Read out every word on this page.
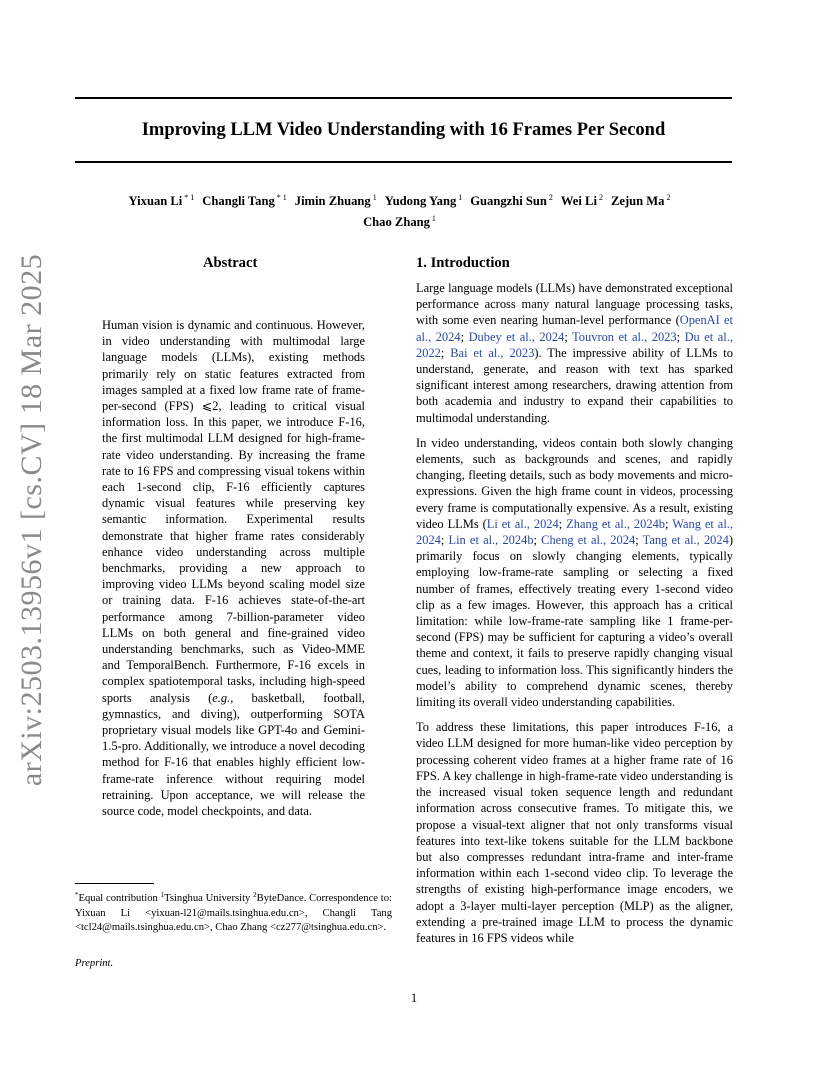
arXiv:2503.13956v1 [cs.CV] 18 Mar 2025
Improving LLM Video Understanding with 16 Frames Per Second
Yixuan Li $^{* 1}$ Changli Tang $^{* 1}$ Jimin Zhuang $^1$ Yudong Yang $^1$ Guangzhi Sun $^2$ Wei Li $^2$ Zejun Ma $^2$
Chao Zhang $^1$
Abstract

Human vision is dynamic and continuous. However, in video understanding with multimodal large language models (LLMs), existing methods primarily rely on static features extracted from images sampled at a fixed low frame rate of frame-per-second (FPS) ⩽2, leading to critical visual information loss. In this paper, we introduce F-16, the first multimodal LLM designed for high-frame-rate video understanding. By increasing the frame rate to 16 FPS and compressing visual tokens within each 1-second clip, F-16 efficiently captures dynamic visual features while preserving key semantic information. Experimental results demonstrate that higher frame rates considerably enhance video understanding across multiple benchmarks, providing a new approach to improving video LLMs beyond scaling model size or training data. F-16 achieves state-of-the-art performance among 7-billion-parameter video LLMs on both general and fine-grained video understanding benchmarks, such as Video-MME and TemporalBench. Furthermore, F-16 excels in complex spatiotemporal tasks, including high-speed sports analysis (e.g., basketball, football, gymnastics, and diving), outperforming SOTA proprietary visual models like GPT-4o and Gemini-1.5-pro. Additionally, we introduce a novel decoding method for F-16 that enables highly efficient low-frame-rate inference without requiring model retraining. Upon acceptance, we will release the source code, model checkpoints, and data.

*Equal contribution $^1$Tsinghua University $^2$ByteDance. Correspondence to: Yixuan Li <yixuan-l21@mails.tsinghua.edu.cn>, Changli Tang <tcl24@mails.tsinghua.edu.cn>, Chao Zhang <cz277@tsinghua.edu.cn>.
Preprint.
1. Introduction

Large language models (LLMs) have demonstrated exceptional performance across many natural language processing tasks, with some even nearing human-level performance (OpenAI et al., 2024; Dubey et al., 2024; Touvron et al., 2023; Du et al., 2022; Bai et al., 2023). The impressive ability of LLMs to understand, generate, and reason with text has sparked significant interest among researchers, drawing attention from both academia and industry to expand their capabilities to multimodal understanding.

In video understanding, videos contain both slowly changing elements, such as backgrounds and scenes, and rapidly changing, fleeting details, such as body movements and micro-expressions. Given the high frame count in videos, processing every frame is computationally expensive. As a result, existing video LLMs (Li et al., 2024; Zhang et al., 2024b; Wang et al., 2024; Lin et al., 2024b; Cheng et al., 2024; Tang et al., 2024) primarily focus on slowly changing elements, typically employing low-frame-rate sampling or selecting a fixed number of frames, effectively treating every 1-second video clip as a few images. However, this approach has a critical limitation: while low-frame-rate sampling like 1 frame-per-second (FPS) may be sufficient for capturing a video’s overall theme and context, it fails to preserve rapidly changing visual cues, leading to information loss. This significantly hinders the model’s ability to comprehend dynamic scenes, thereby limiting its overall video understanding capabilities.

To address these limitations, this paper introduces F-16, a video LLM designed for more human-like video perception by processing coherent video frames at a higher frame rate of 16 FPS. A key challenge in high-frame-rate video understanding is the increased visual token sequence length and redundant information across consecutive frames. To mitigate this, we propose a visual-text aligner that not only transforms visual features into text-like tokens suitable for the LLM backbone but also compresses redundant intra-frame and inter-frame information within each 1-second video clip. To leverage the strengths of existing high-performance image encoders, we adopt a 3-layer multi-layer perception (MLP) as the aligner, extending a pre-trained image LLM to process the dynamic features in 16 FPS videos while

1
